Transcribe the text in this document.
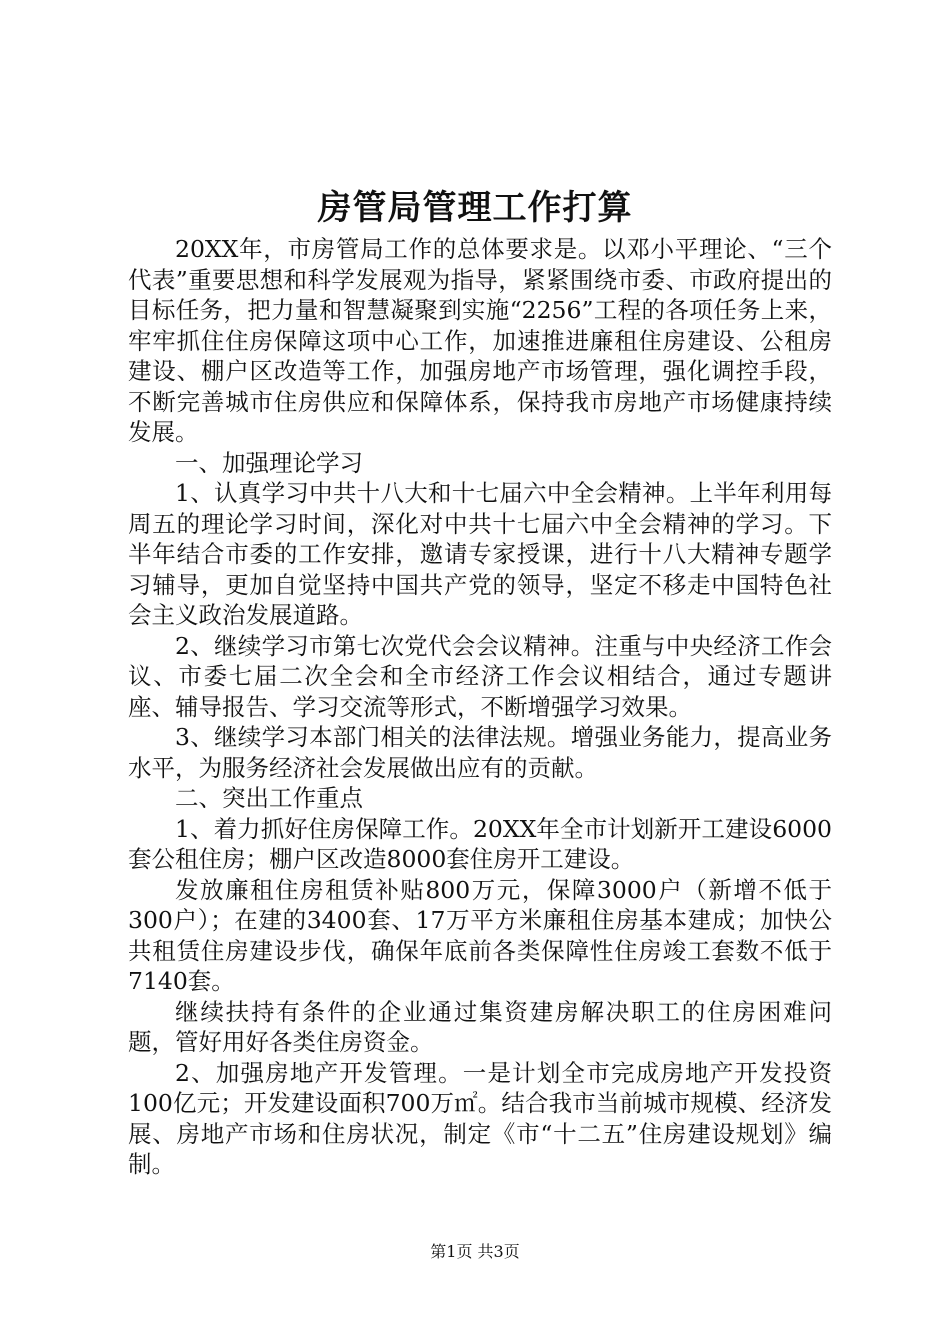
房管局管理工作打算

20XX年，市房管局工作的总体要求是。以邓小平理论、“三个代表”重要思想和科学发展观为指导，紧紧围绕市委、市政府提出的目标任务，把力量和智慧凝聚到实施“2256”工程的各项任务上来，牢牢抓住住房保障这项中心工作，加速推进廉租住房建设、公租房建设、棚户区改造等工作，加强房地产市场管理，强化调控手段，不断完善城市住房供应和保障体系，保持我市房地产市场健康持续发展。

一、加强理论学习

1、认真学习中共十八大和十七届六中全会精神。上半年利用每周五的理论学习时间，深化对中共十七届六中全会精神的学习。下半年结合市委的工作安排，邀请专家授课，进行十八大精神专题学习辅导，更加自觉坚持中国共产党的领导，坚定不移走中国特色社会主义政治发展道路。

2、继续学习市第七次党代会会议精神。注重与中央经济工作会议、市委七届二次全会和全市经济工作会议相结合，通过专题讲座、辅导报告、学习交流等形式，不断增强学习效果。

3、继续学习本部门相关的法律法规。增强业务能力，提高业务水平，为服务经济社会发展做出应有的贡献。

二、突出工作重点

1、着力抓好住房保障工作。20XX年全市计划新开工建设6000套公租住房；棚户区改造8000套住房开工建设。

发放廉租住房租赁补贴800万元，保障3000户（新增不低于300户）；在建的3400套、17万平方米廉租住房基本建成；加快公共租赁住房建设步伐，确保年底前各类保障性住房竣工套数不低于7140套。

继续扶持有条件的企业通过集资建房解决职工的住房困难问题，管好用好各类住房资金。

2、加强房地产开发管理。一是计划全市完成房地产开发投资100亿元；开发建设面积700万㎡。结合我市当前城市规模、经济发展、房地产市场和住房状况，制定《市“十二五”住房建设规划》编制。

第1页 共3页
